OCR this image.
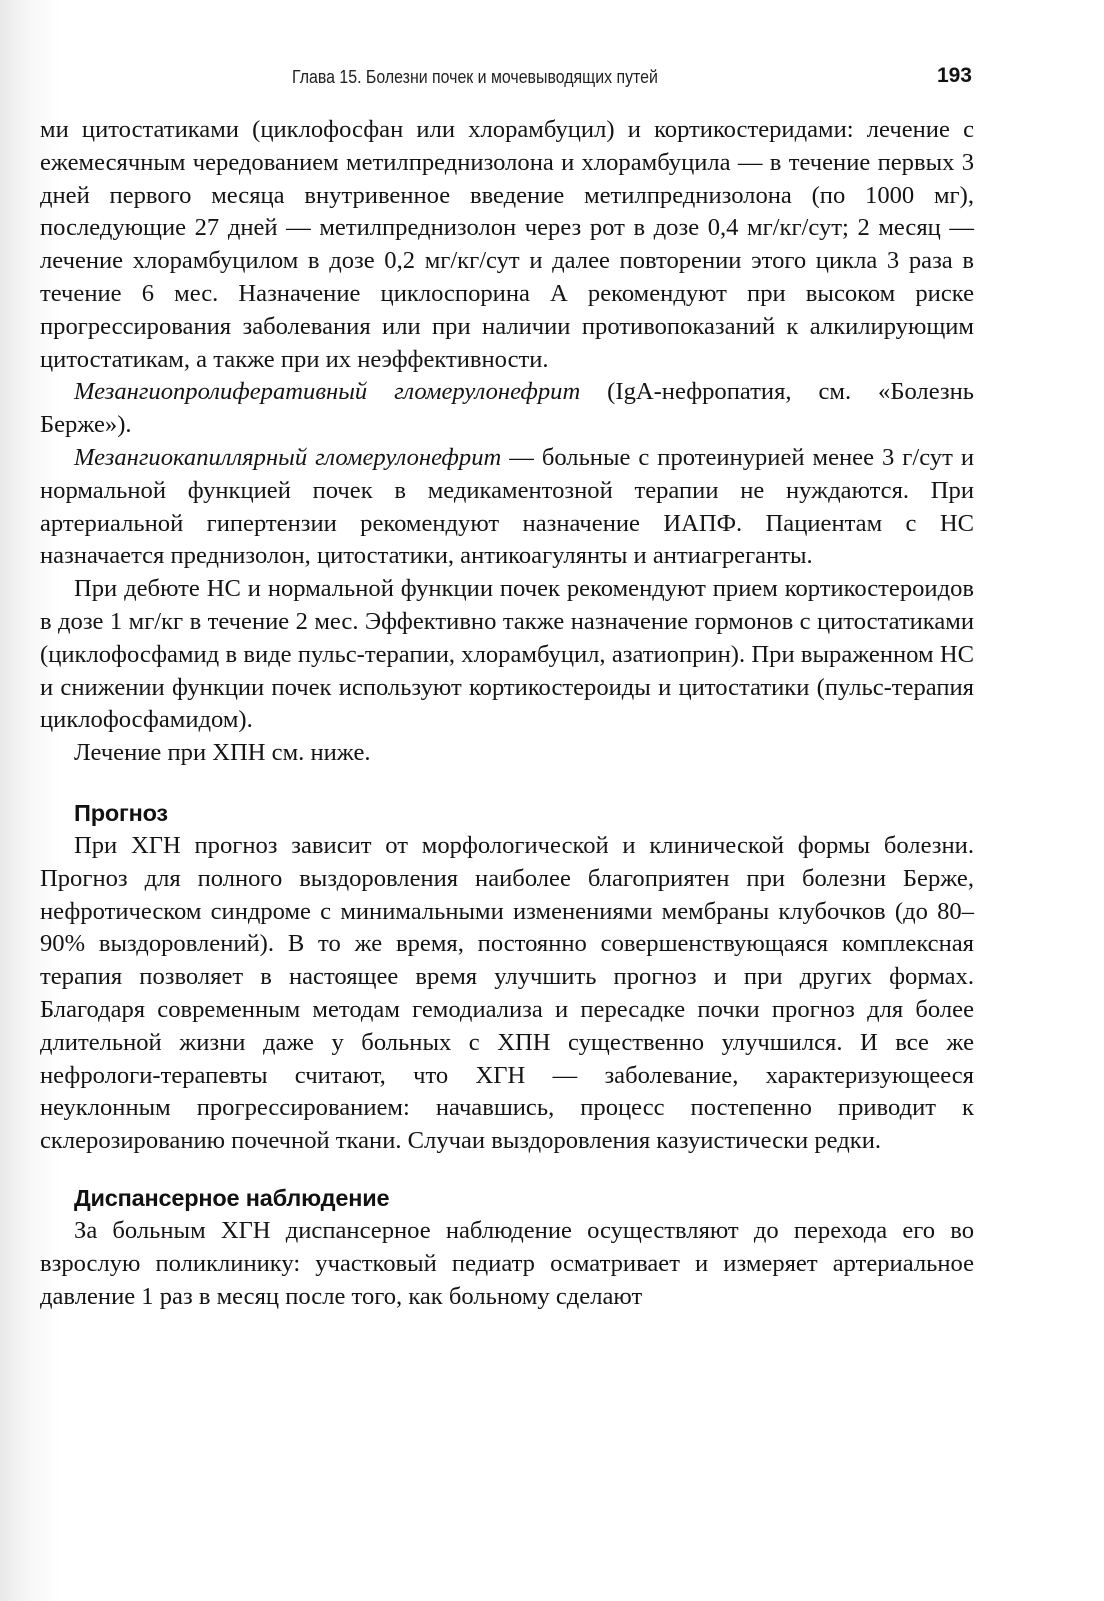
Глава 15. Болезни почек и мочевыводящих путей	193

ми цитостатиками (циклофосфан или хлорамбуцил) и кортикостеридами: лечение с ежемесячным чередованием метилпреднизолона и хлорамбуцила — в течение первых 3 дней первого месяца внутривенное введение метилпреднизолона (по 1000 мг), последующие 27 дней — метилпреднизолон через рот в дозе 0,4 мг/кг/сут; 2 месяц — лечение хлорамбуцилом в дозе 0,2 мг/кг/сут и далее повторении этого цикла 3 раза в течение 6 мес. Назначение циклоспорина А рекомендуют при высоком риске прогрессирования заболевания или при наличии противопоказаний к алкилирующим цитостатикам, а также при их неэффективности.

Мезангиопролиферативный гломерулонефрит (IgA-нефропатия, см. «Болезнь Берже»).

Мезангиокапиллярный гломерулонефрит — больные с протеинурией менее 3 г/сут и нормальной функцией почек в медикаментозной терапии не нуждаются. При артериальной гипертензии рекомендуют назначение ИАПФ. Пациентам с НС назначается преднизолон, цитостатики, антикоагулянты и антиагреганты.

При дебюте НС и нормальной функции почек рекомендуют прием кортикостероидов в дозе 1 мг/кг в течение 2 мес. Эффективно также назначение гормонов с цитостатиками (циклофосфамид в виде пульс-терапии, хлорамбуцил, азатиоприн). При выраженном НС и снижении функции почек используют кортикостероиды и цитостатики (пульс-терапия циклофосфамидом).

Лечение при ХПН см. ниже.

Прогноз

При ХГН прогноз зависит от морфологической и клинической формы болезни. Прогноз для полного выздоровления наиболее благоприятен при болезни Берже, нефротическом синдроме с минимальными изменениями мембраны клубочков (до 80–90% выздоровлений). В то же время, постоянно совершенствующаяся комплексная терапия позволяет в настоящее время улучшить прогноз и при других формах. Благодаря современным методам гемодиализа и пересадке почки прогноз для более длительной жизни даже у больных с ХПН существенно улучшился. И все же нефрологи-терапевты считают, что ХГН — заболевание, характеризующееся неуклонным прогрессированием: начавшись, процесс постепенно приводит к склерозированию почечной ткани. Случаи выздоровления казуистически редки.

Диспансерное наблюдение

За больным ХГН диспансерное наблюдение осуществляют до перехода его во взрослую поликлинику: участковый педиатр осматривает и измеряет артериальное давление 1 раз в месяц после того, как больному сделают
